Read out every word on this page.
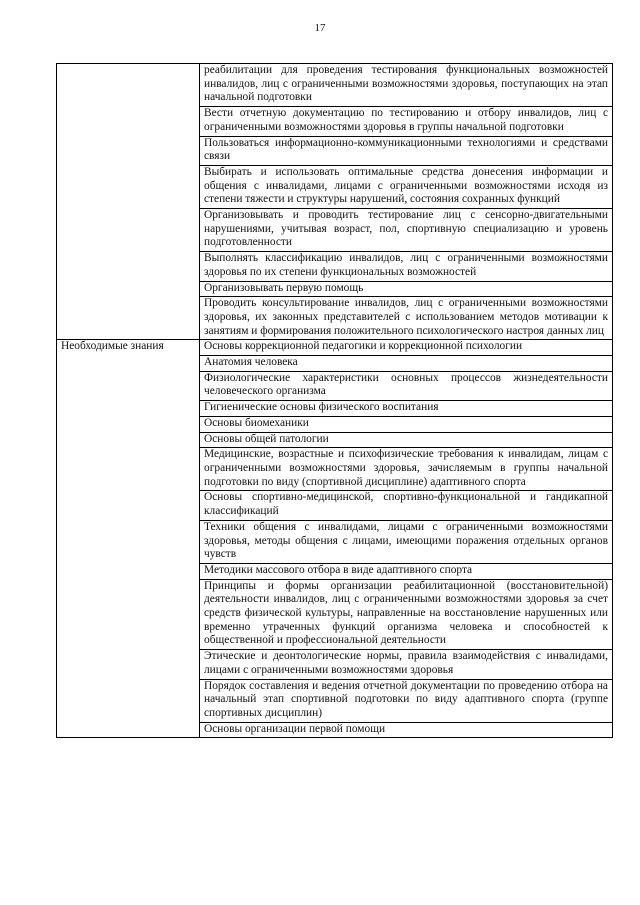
17
	реабилитации для проведения тестирования функциональных возможностей инвалидов, лиц с ограниченными возможностями здоровья, поступающих на этап начальной подготовки
	Вести отчетную документацию по тестированию и отбору инвалидов, лиц с ограниченными возможностями здоровья в группы начальной подготовки
	Пользоваться информационно-коммуникационными технологиями и средствами связи
	Выбирать и использовать оптимальные средства донесения информации и общения с инвалидами, лицами с ограниченными возможностями исходя из степени тяжести и структуры нарушений, состояния сохранных функций
	Организовывать и проводить тестирование лиц с сенсорно-двигательными нарушениями, учитывая возраст, пол, спортивную специализацию и уровень подготовленности
	Выполнять классификацию инвалидов, лиц с ограниченными возможностями здоровья по их степени функциональных возможностей
	Организовывать первую помощь
	Проводить консультирование инвалидов, лиц с ограниченными возможностями здоровья, их законных представителей с использованием методов мотивации к занятиям и формирования положительного психологического настроя данных лиц
Необходимые знания	Основы коррекционной педагогики и коррекционной психологии
	Анатомия человека
	Физиологические характеристики основных процессов жизнедеятельности человеческого организма
	Гигиенические основы физического воспитания
	Основы биомеханики
	Основы общей патологии
	Медицинские, возрастные и психофизические требования к инвалидам, лицам с ограниченными возможностями здоровья, зачисляемым в группы начальной подготовки по виду (спортивной дисциплине) адаптивного спорта
	Основы спортивно-медицинской, спортивно-функциональной и гандикапной классификаций
	Техники общения с инвалидами, лицами с ограниченными возможностями здоровья, методы общения с лицами, имеющими поражения отдельных органов чувств
	Методики массового отбора в виде адаптивного спорта
	Принципы и формы организации реабилитационной (восстановительной) деятельности инвалидов, лиц с ограниченными возможностями здоровья за счет средств физической культуры, направленные на восстановление нарушенных или временно утраченных функций организма человека и способностей к общественной и профессиональной деятельности
	Этические и деонтологические нормы, правила взаимодействия с инвалидами, лицами с ограниченными возможностями здоровья
	Порядок составления и ведения отчетной документации по проведению отбора на начальный этап спортивной подготовки по виду адаптивного спорта (группе спортивных дисциплин)
	Основы организации первой помощи
